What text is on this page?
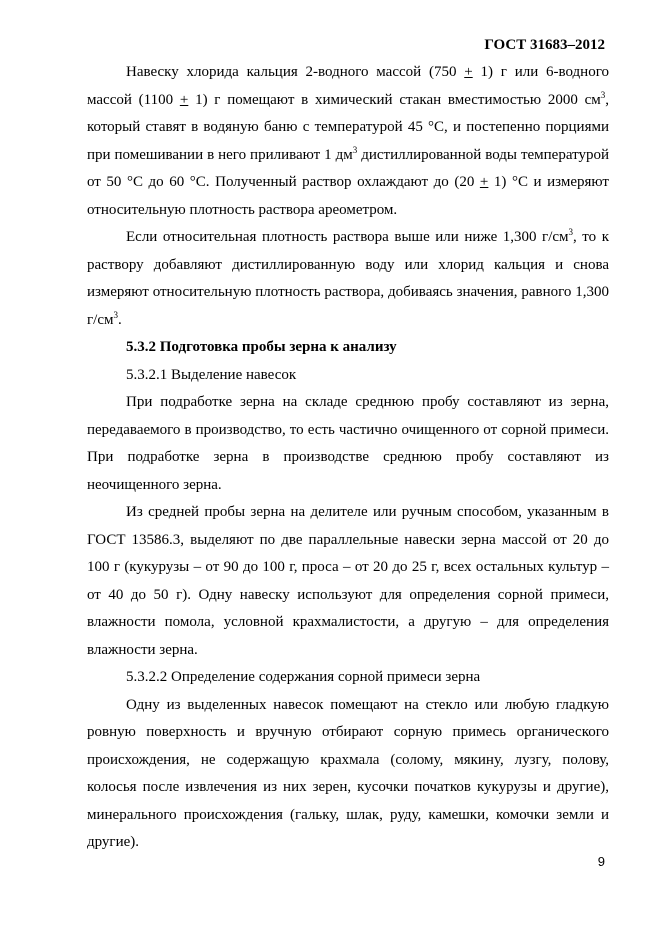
ГОСТ 31683–2012

Навеску хлорида кальция 2-водного массой (750 + 1) г или 6-водного массой (1100 + 1) г помещают в химический стакан вместимостью 2000 $см^3$, который ставят в водяную баню с температурой 45 °С, и постепенно порциями при помешивании в него приливают 1 $дм^3$ дистиллированной воды температурой от 50 °С до 60 °С. Полученный раствор охлаждают до (20 + 1) °С и измеряют относительную плотность раствора ареометром.

Если относительная плотность раствора выше или ниже 1,300 $г/см^3$, то к раствору добавляют дистиллированную воду или хлорид кальция и снова измеряют относительную плотность раствора, добиваясь значения, равного 1,300 $г/см^3$.

5.3.2 Подготовка пробы зерна к анализу

5.3.2.1 Выделение навесок

При подработке зерна на складе среднюю пробу составляют из зерна, передаваемого в производство, то есть частично очищенного от сорной примеси. При подработке зерна в производстве среднюю пробу составляют из неочищенного зерна.

Из средней пробы зерна на делителе или ручным способом, указанным в ГОСТ 13586.3, выделяют по две параллельные навески зерна массой от 20 до 100 г (кукурузы – от 90 до 100 г, проса – от 20 до 25 г, всех остальных культур – от 40 до 50 г). Одну навеску используют для определения сорной примеси, влажности помола, условной крахмалистости, а другую – для определения влажности зерна.

5.3.2.2 Определение содержания сорной примеси зерна

Одну из выделенных навесок помещают на стекло или любую гладкую ровную поверхность и вручную отбирают сорную примесь органического происхождения, не содержащую крахмала (солому, мякину, лузгу, полову, колосья после извлечения из них зерен, кусочки початков кукурузы и другие), минерального происхождения (гальку, шлак, руду, камешки, комочки земли и другие).

9
